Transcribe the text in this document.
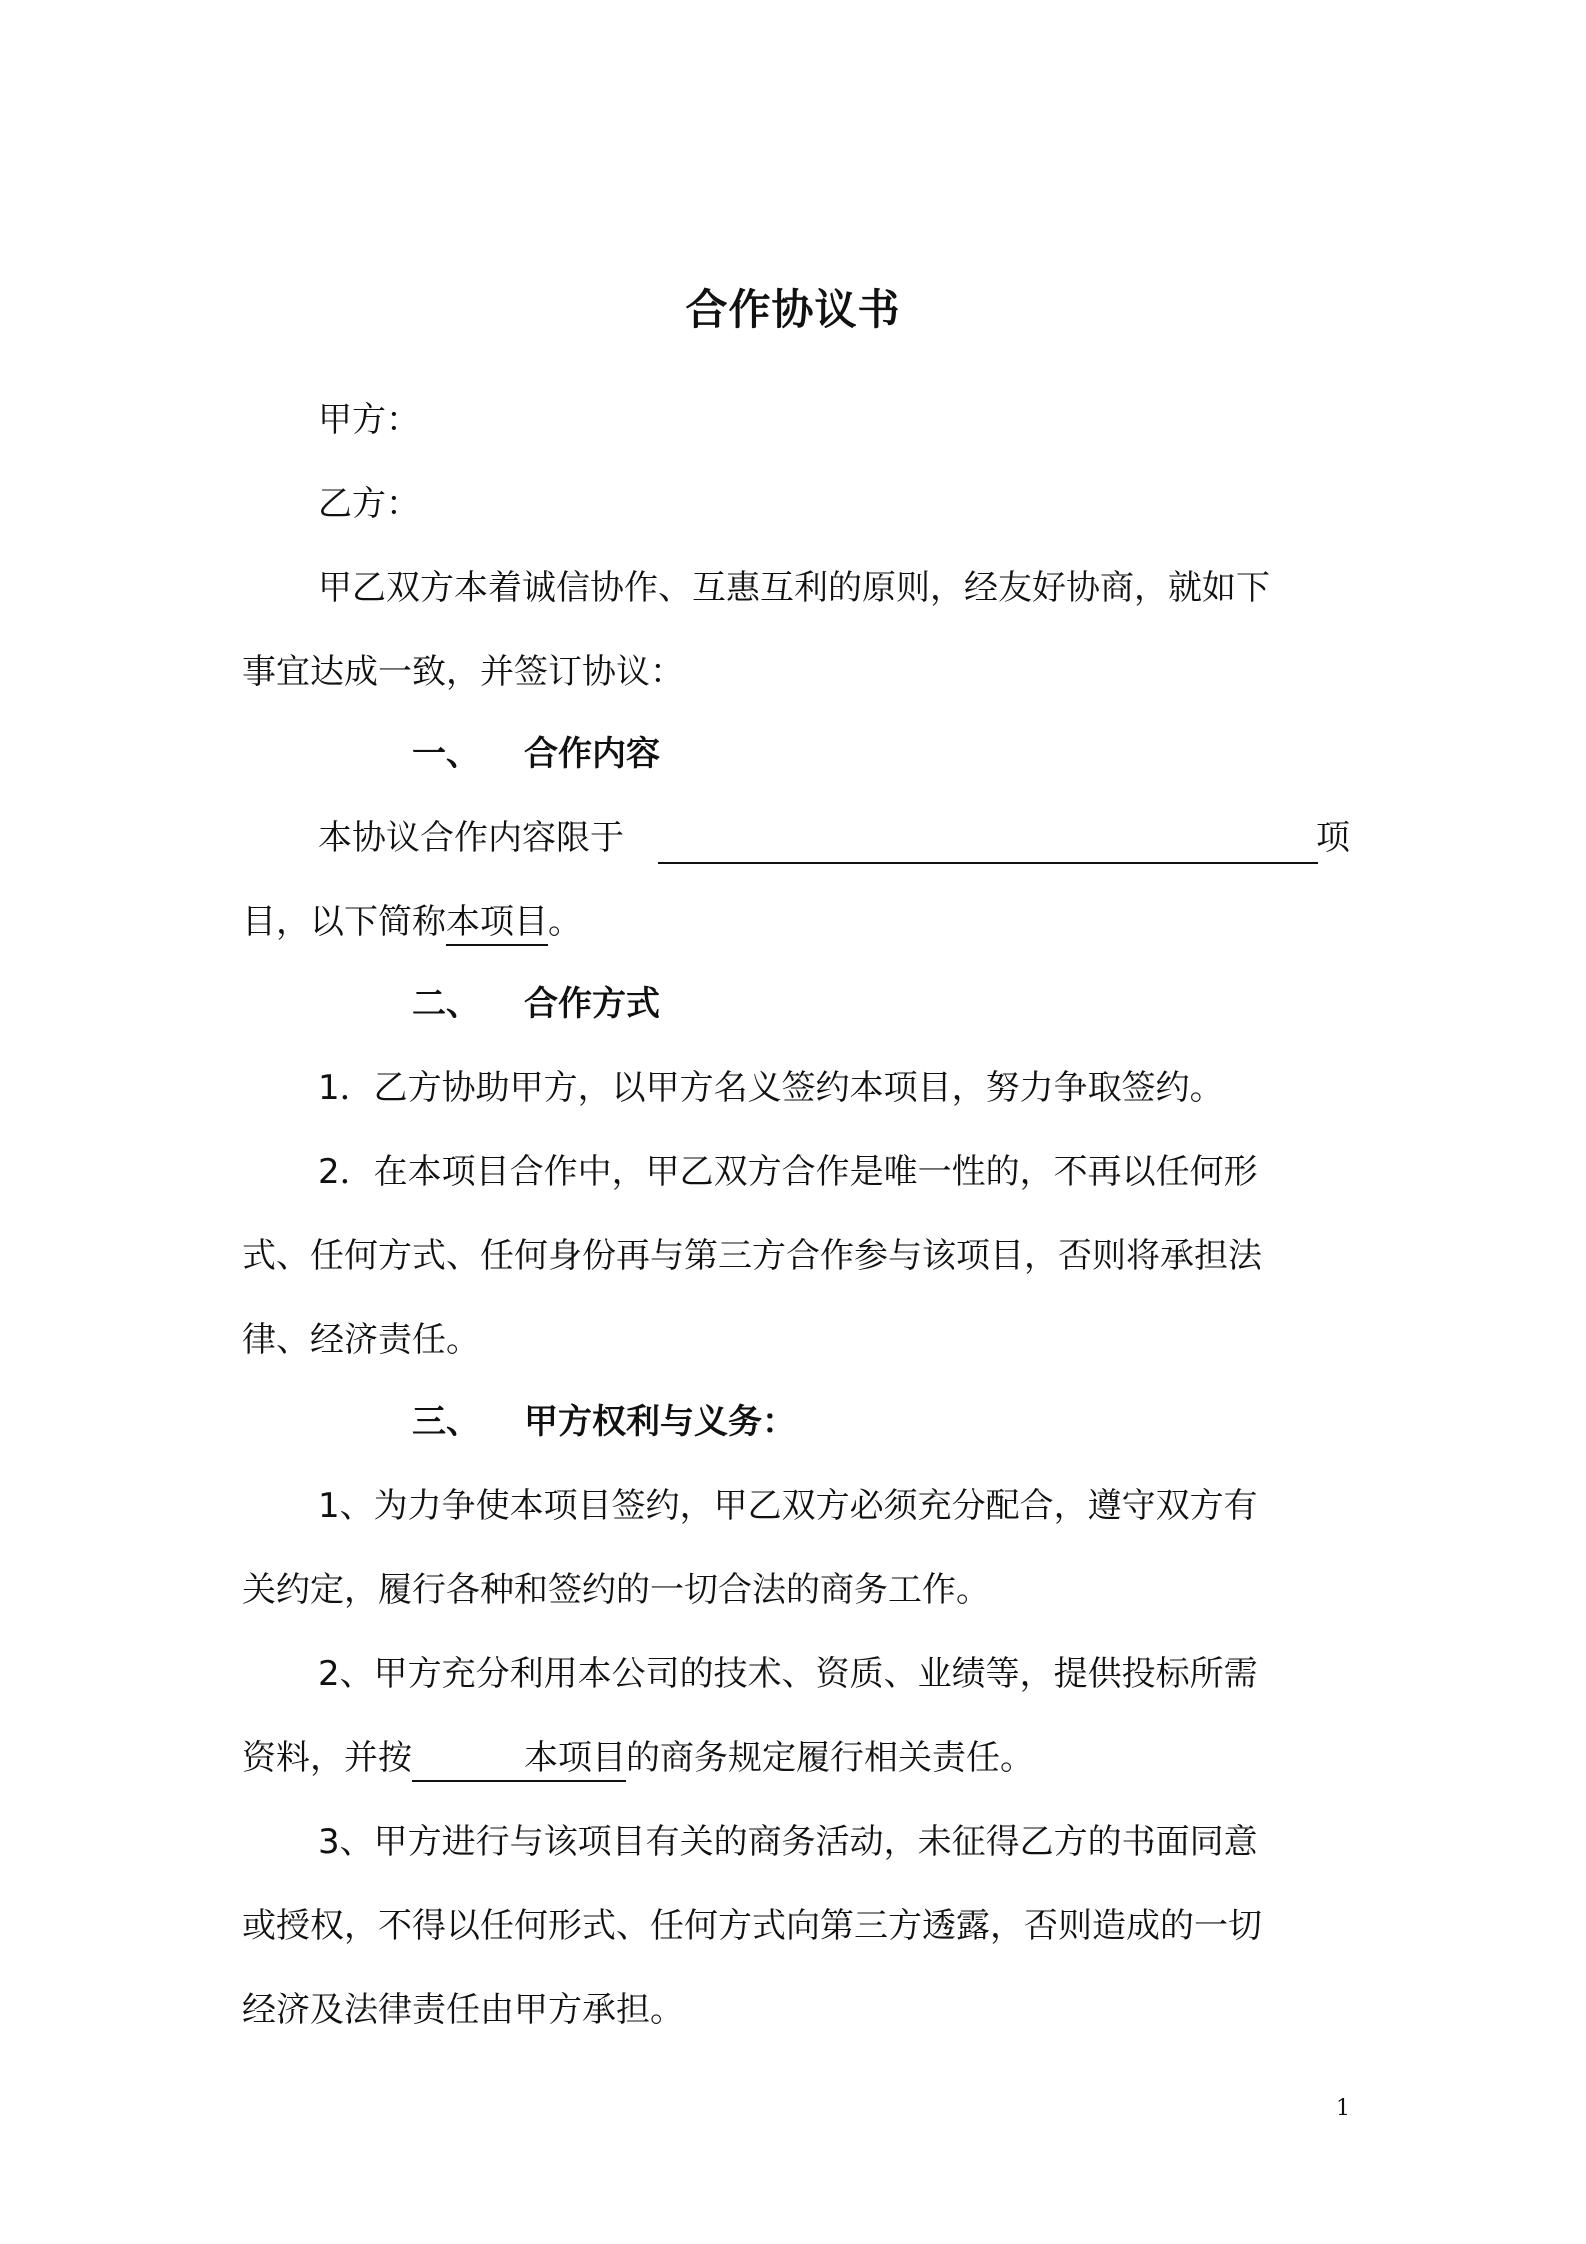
合作协议书
甲方：
乙方：
甲乙双方本着诚信协作、互惠互利的原则，经友好协商，就如下
事宜达成一致，并签订协议：
一、 合作内容
本协议合作内容限于	项
目，以下简称本项目。
二、 合作方式
1．乙方协助甲方，以甲方名义签约本项目，努力争取签约。
2．在本项目合作中，甲乙双方合作是唯一性的，不再以任何形
式、任何方式、任何身份再与第三方合作参与该项目，否则将承担法
律、经济责任。
三、 甲方权利与义务：
1、为力争使本项目签约，甲乙双方必须充分配合，遵守双方有
关约定，履行各种和签约的一切合法的商务工作。
2、甲方充分利用本公司的技术、资质、业绩等，提供投标所需
资料，并按	本项目的商务规定履行相关责任。
3、甲方进行与该项目有关的商务活动，未征得乙方的书面同意
或授权，不得以任何形式、任何方式向第三方透露，否则造成的一切
经济及法律责任由甲方承担。
1
